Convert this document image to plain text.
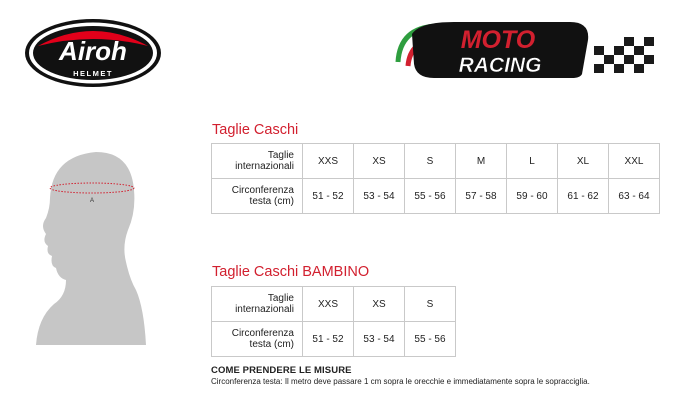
Airoh
HELMET
MOTO
RACING
A
Taglie Caschi
Taglie
internazionali	XXS	XS	S	M	L	XL	XXL
Circonferenza
testa (cm)	51 - 52	53 - 54	55 - 56	57 - 58	59 - 60	61 - 62	63 - 64
Taglie Caschi BAMBINO
Taglie
internazionali	XXS	XS	S
Circonferenza
testa (cm)	51 - 52	53 - 54	55 - 56
COME PRENDERE LE MISURE
Circonferenza testa: Il metro deve passare 1 cm sopra le orecchie e immediatamente sopra le sopracciglia.
